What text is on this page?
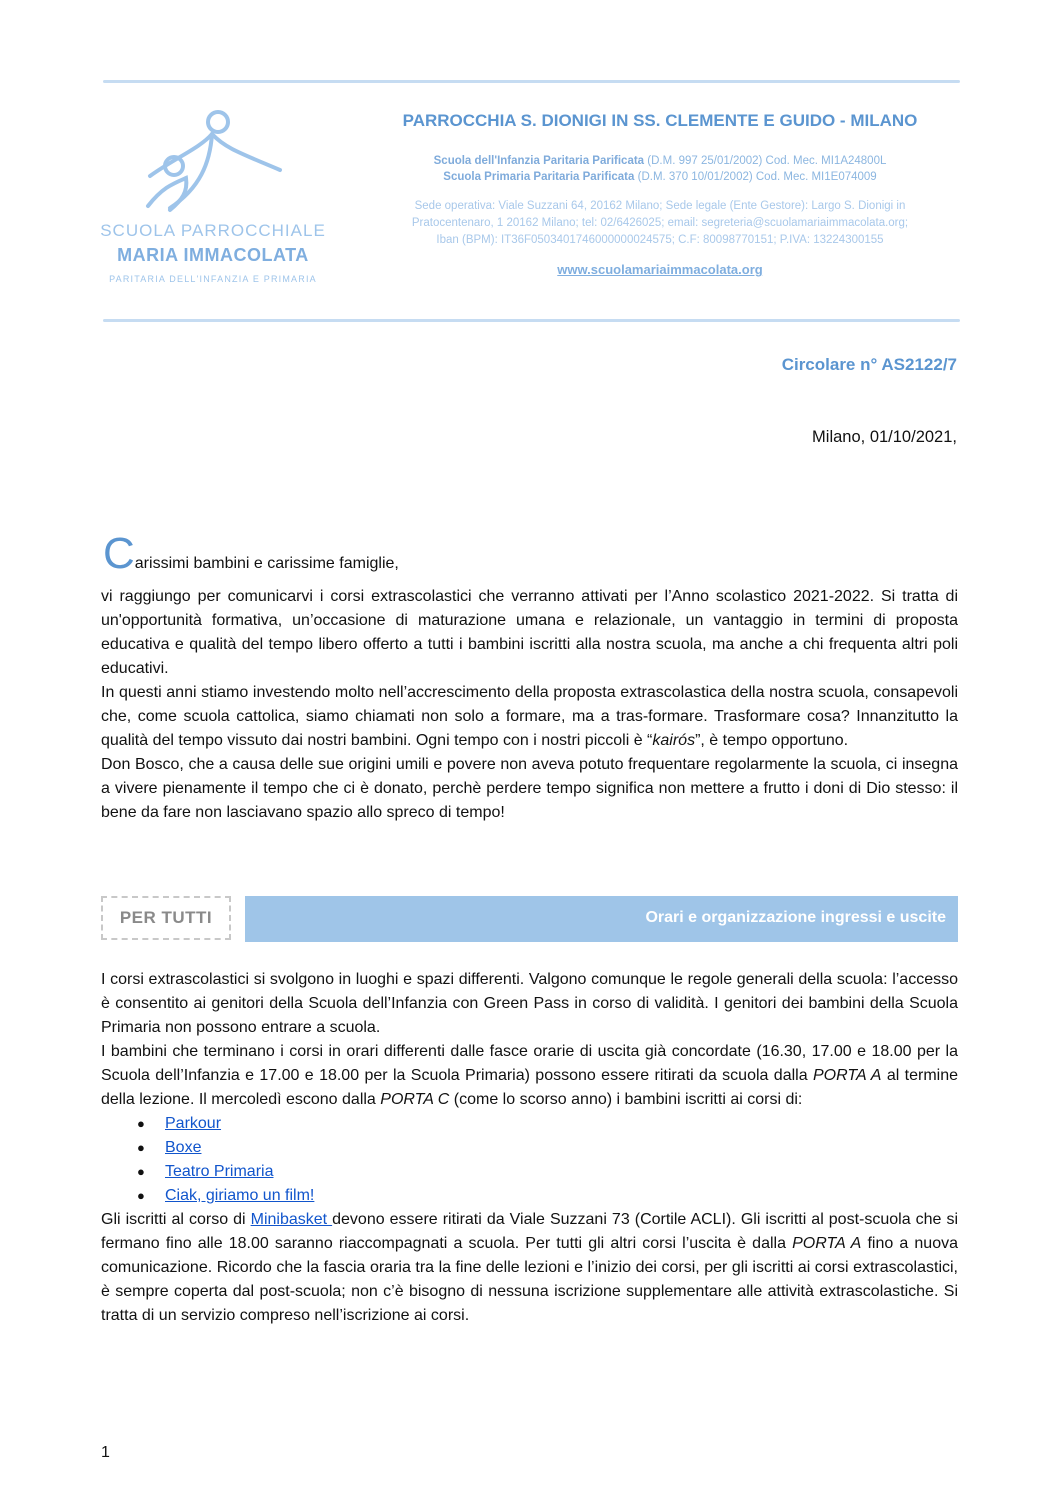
SCUOLA PARROCCHIALE
MARIA IMMACOLATA
PARITARIA DELL'INFANZIA E PRIMARIA
PARROCCHIA S. DIONIGI IN SS. CLEMENTE E GUIDO - MILANO
Scuola dell'Infanzia Paritaria Parificata (D.M. 997 25/01/2002) Cod. Mec. MI1A24800L
Scuola Primaria Paritaria Parificata (D.M. 370 10/01/2002) Cod. Mec. MI1E074009
Sede operativa: Viale Suzzani 64, 20162 Milano; Sede legale (Ente Gestore): Largo S. Dionigi in
Pratocentenaro, 1 20162 Milano; tel: 02/6426025; email: segreteria@scuolamariaimmacolata.org;
Iban (BPM): IT36F0503401746000000024575; C.F: 80098770151; P.IVA: 13224300155
www.scuolamariaimmacolata.org
Circolare n° AS2122/7
Milano, 01/10/2021,
Carissimi bambini e carissime famiglie,

vi raggiungo per comunicarvi i corsi extrascolastici che verranno attivati per l’Anno scolastico 2021-2022. Si tratta di un'opportunità formativa, un’occasione di maturazione umana e relazionale, un vantaggio in termini di proposta educativa e qualità del tempo libero offerto a tutti i bambini iscritti alla nostra scuola, ma anche a chi frequenta altri poli educativi.

In questi anni stiamo investendo molto nell’accrescimento della proposta extrascolastica della nostra scuola, consapevoli che, come scuola cattolica, siamo chiamati non solo a formare, ma a tras-formare. Trasformare cosa? Innanzitutto la qualità del tempo vissuto dai nostri bambini. Ogni tempo con i nostri piccoli è “kairós”, è tempo opportuno.

Don Bosco, che a causa delle sue origini umili e povere non aveva potuto frequentare regolarmente la scuola, ci insegna a vivere pienamente il tempo che ci è donato, perchè perdere tempo significa non mettere a frutto i doni di Dio stesso: il bene da fare non lasciavano spazio allo spreco di tempo!

PER TUTTI	Orari e organizzazione ingressi e uscite

I corsi extrascolastici si svolgono in luoghi e spazi differenti. Valgono comunque le regole generali della scuola: l’accesso è consentito ai genitori della Scuola dell’Infanzia con Green Pass in corso di validità. I genitori dei bambini della Scuola Primaria non possono entrare a scuola.

I bambini che terminano i corsi in orari differenti dalle fasce orarie di uscita già concordate (16.30, 17.00 e 18.00 per la Scuola dell’Infanzia e 17.00 e 18.00 per la Scuola Primaria) possono essere ritirati da scuola dalla PORTA A al termine della lezione. Il mercoledì escono dalla PORTA C (come lo scorso anno) i bambini iscritti ai corsi di:

● Parkour
● Boxe
● Teatro Primaria
● Ciak, giriamo un film!

Gli iscritti al corso di Minibasket devono essere ritirati da Viale Suzzani 73 (Cortile ACLI). Gli iscritti al post-scuola che si fermano fino alle 18.00 saranno riaccompagnati a scuola. Per tutti gli altri corsi l’uscita è dalla PORTA A fino a nuova comunicazione. Ricordo che la fascia oraria tra la fine delle lezioni e l’inizio dei corsi, per gli iscritti ai corsi extrascolastici, è sempre coperta dal post-scuola; non c’è bisogno di nessuna iscrizione supplementare alle attività extrascolastiche. Si tratta di un servizio compreso nell’iscrizione ai corsi.

1
